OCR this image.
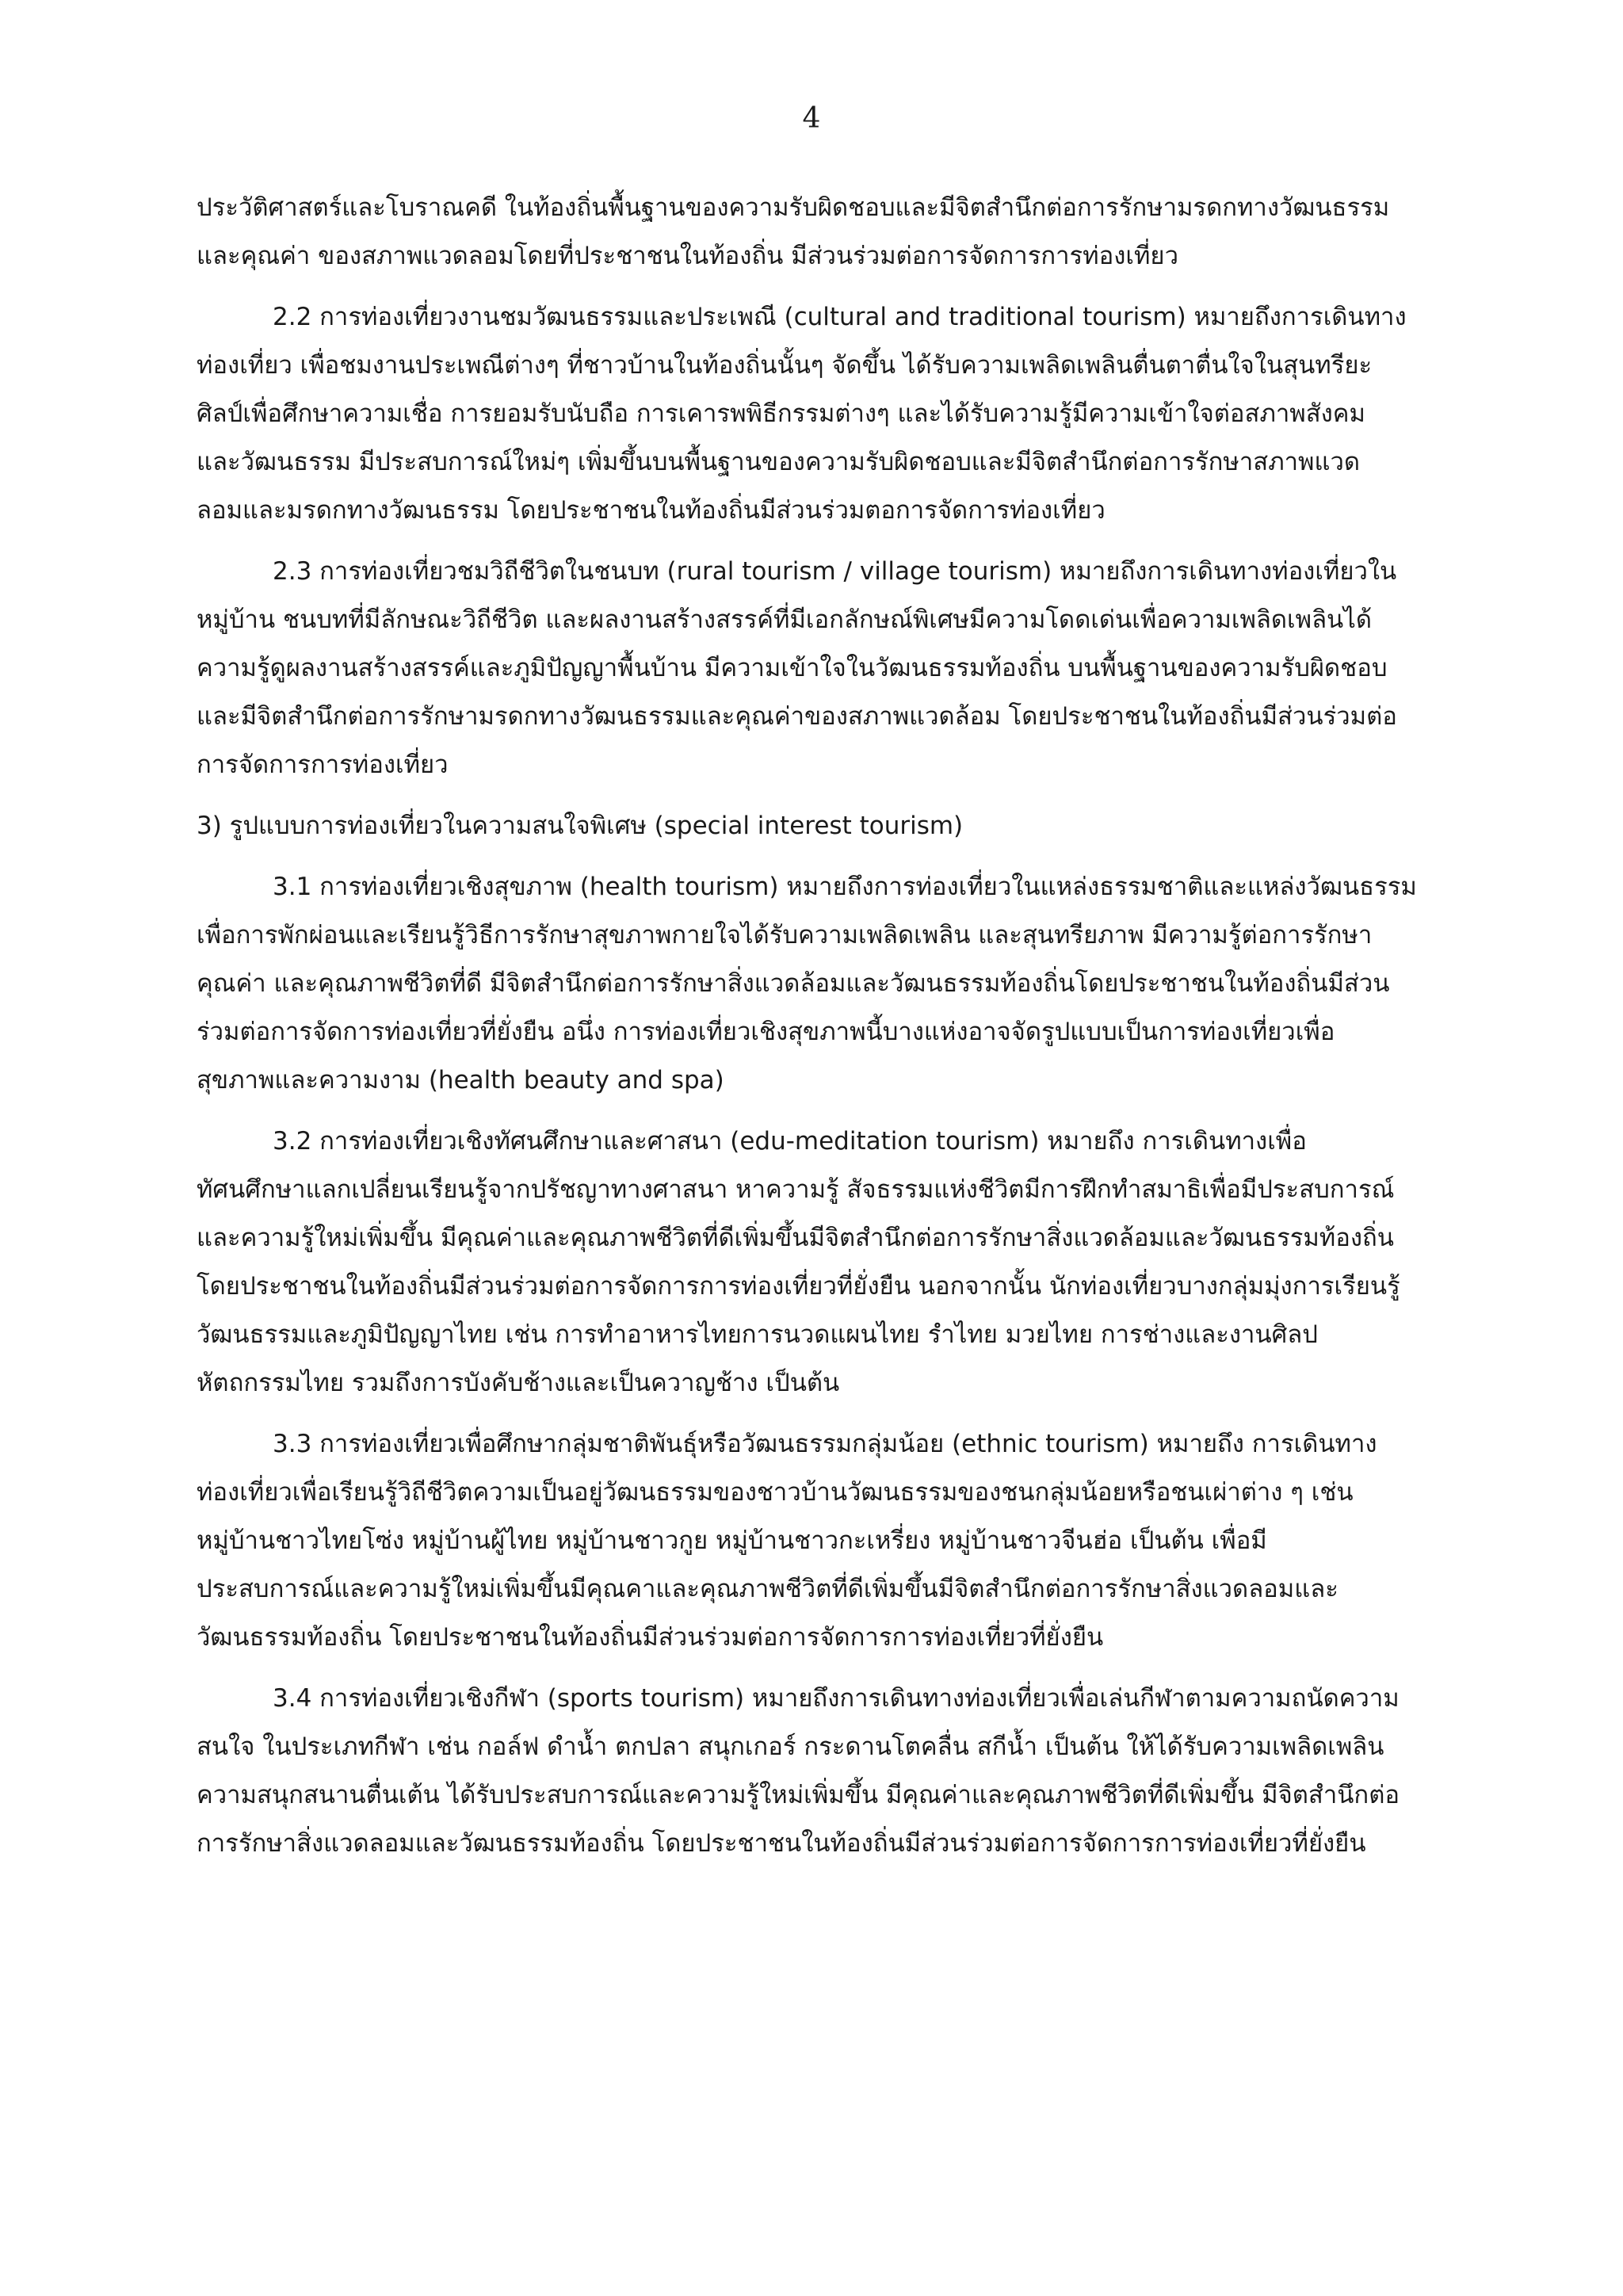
4
ประวัติศาสตร์และโบราณคดี ในท้องถิ่นพื้นฐานของความรับผิดชอบและมีจิตสำนึกต่อการรักษามรดกทางวัฒนธรรม
และคุณค่า ของสภาพแวดลอมโดยที่ประชาชนในท้องถิ่น มีส่วนร่วมต่อการจัดการการท่องเที่ยว
2.2 การท่องเที่ยวงานชมวัฒนธรรมและประเพณี (cultural and traditional tourism) หมายถึงการเดินทาง
ท่องเที่ยว เพื่อชมงานประเพณีต่างๆ ที่ชาวบ้านในท้องถิ่นนั้นๆ จัดขึ้น ได้รับความเพลิดเพลินตื่นตาตื่นใจในสุนทรียะ
ศิลป์เพื่อศึกษาความเชื่อ การยอมรับนับถือ การเคารพพิธีกรรมต่างๆ และได้รับความรู้มีความเข้าใจต่อสภาพสังคม
และวัฒนธรรม มีประสบการณ์ใหม่ๆ เพิ่มขึ้นบนพื้นฐานของความรับผิดชอบและมีจิตสำนึกต่อการรักษาสภาพแวด
ลอมและมรดกทางวัฒนธรรม โดยประชาชนในท้องถิ่นมีส่วนร่วมตอการจัดการท่องเที่ยว
2.3 การท่องเที่ยวชมวิถีชีวิตในชนบท (rural tourism / village tourism) หมายถึงการเดินทางท่องเที่ยวใน
หมู่บ้าน ชนบทที่มีลักษณะวิถีชีวิต และผลงานสร้างสรรค์ที่มีเอกลักษณ์พิเศษมีความโดดเด่นเพื่อความเพลิดเพลินได้
ความรู้ดูผลงานสร้างสรรค์และภูมิปัญญาพื้นบ้าน มีความเข้าใจในวัฒนธรรมท้องถิ่น บนพื้นฐานของความรับผิดชอบ
และมีจิตสำนึกต่อการรักษามรดกทางวัฒนธรรมและคุณค่าของสภาพแวดล้อม โดยประชาชนในท้องถิ่นมีส่วนร่วมต่อ
การจัดการการท่องเที่ยว
3) รูปแบบการท่องเที่ยวในความสนใจพิเศษ (special interest tourism)
3.1 การท่องเที่ยวเชิงสุขภาพ (health tourism) หมายถึงการท่องเที่ยวในแหล่งธรรมชาติและแหล่งวัฒนธรรม
เพื่อการพักผ่อนและเรียนรู้วิธีการรักษาสุขภาพกายใจได้รับความเพลิดเพลิน และสุนทรียภาพ มีความรู้ต่อการรักษา
คุณค่า และคุณภาพชีวิตที่ดี มีจิตสำนึกต่อการรักษาสิ่งแวดล้อมและวัฒนธรรมท้องถิ่นโดยประชาชนในท้องถิ่นมีส่วน
ร่วมต่อการจัดการท่องเที่ยวที่ยั่งยืน อนึ่ง การท่องเที่ยวเชิงสุขภาพนี้บางแห่งอาจจัดรูปแบบเป็นการท่องเที่ยวเพื่อ
สุขภาพและความงาม (health beauty and spa)
3.2 การท่องเที่ยวเชิงทัศนศึกษาและศาสนา (edu-meditation tourism) หมายถึง การเดินทางเพื่อ
ทัศนศึกษาแลกเปลี่ยนเรียนรู้จากปรัชญาทางศาสนา หาความรู้ สัจธรรมแห่งชีวิตมีการฝึกทำสมาธิเพื่อมีประสบการณ์
และความรู้ใหม่เพิ่มขึ้น มีคุณค่าและคุณภาพชีวิตที่ดีเพิ่มขึ้นมีจิตสำนึกต่อการรักษาสิ่งแวดล้อมและวัฒนธรรมท้องถิ่น
โดยประชาชนในท้องถิ่นมีส่วนร่วมต่อการจัดการการท่องเที่ยวที่ยั่งยืน นอกจากนั้น นักท่องเที่ยวบางกลุ่มมุ่งการเรียนรู้
วัฒนธรรมและภูมิปัญญาไทย เช่น การทำอาหารไทยการนวดแผนไทย รำไทย มวยไทย การช่างและงานศิลป
หัตถกรรมไทย รวมถึงการบังคับช้างและเป็นควาญช้าง เป็นต้น
3.3 การท่องเที่ยวเพื่อศึกษากลุ่มชาติพันธุ์หรือวัฒนธรรมกลุ่มน้อย (ethnic tourism) หมายถึง การเดินทาง
ท่องเที่ยวเพื่อเรียนรู้วิถีชีวิตความเป็นอยู่วัฒนธรรมของชาวบ้านวัฒนธรรมของชนกลุ่มน้อยหรือชนเผ่าต่าง ๆ เช่น
หมู่บ้านชาวไทยโซ่ง หมู่บ้านผู้ไทย หมู่บ้านชาวกูย หมู่บ้านชาวกะเหรี่ยง หมู่บ้านชาวจีนฮ่อ เป็นต้น เพื่อมี
ประสบการณ์และความรู้ใหม่เพิ่มขึ้นมีคุณคาและคุณภาพชีวิตที่ดีเพิ่มขึ้นมีจิตสำนึกต่อการรักษาสิ่งแวดลอมและ
วัฒนธรรมท้องถิ่น โดยประชาชนในท้องถิ่นมีส่วนร่วมต่อการจัดการการท่องเที่ยวที่ยั่งยืน
3.4 การท่องเที่ยวเชิงกีฬา (sports tourism) หมายถึงการเดินทางท่องเที่ยวเพื่อเล่นกีฬาตามความถนัดความ
สนใจ ในประเภทกีฬา เช่น กอล์ฟ ดำน้ำ ตกปลา สนุกเกอร์ กระดานโตคลื่น สกีน้ำ เป็นต้น ให้ได้รับความเพลิดเพลิน
ความสนุกสนานตื่นเต้น ได้รับประสบการณ์และความรู้ใหม่เพิ่มขึ้น มีคุณค่าและคุณภาพชีวิตที่ดีเพิ่มขึ้น มีจิตสำนึกต่อ
การรักษาสิ่งแวดลอมและวัฒนธรรมท้องถิ่น โดยประชาชนในท้องถิ่นมีส่วนร่วมต่อการจัดการการท่องเที่ยวที่ยั่งยืน
